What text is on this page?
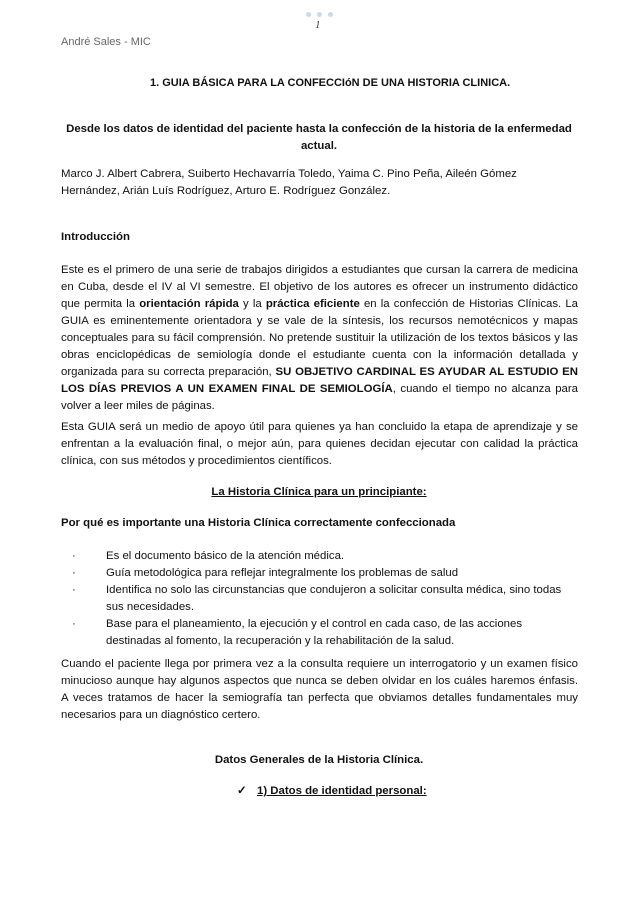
1
André Sales - MIC
1. GUIA BÁSICA PARA LA CONFECCIóN DE UNA HISTORIA CLINICA.
Desde los datos de identidad del paciente hasta la confección de la historia de la enfermedad actual.
Marco J. Albert Cabrera, Suiberto Hechavarría Toledo, Yaima C. Pino Peña, Aileén Gómez Hernández, Arián Luís Rodríguez, Arturo E. Rodríguez González.
Introducción
Este es el primero de una serie de trabajos dirigidos a estudiantes que cursan la carrera de medicina en Cuba, desde el IV al VI semestre. El objetivo de los autores es ofrecer un instrumento didáctico que permita la orientación rápida y la práctica eficiente en la confección de Historias Clínicas. La GUIA es eminentemente orientadora y se vale de la síntesis, los recursos nemotécnicos y mapas conceptuales para su fácil comprensión. No pretende sustituir la utilización de los textos básicos y las obras enciclopédicas de semiología donde el estudiante cuenta con la información detallada y organizada para su correcta preparación, SU OBJETIVO CARDINAL ES AYUDAR AL ESTUDIO EN LOS DÍAS PREVIOS A UN EXAMEN FINAL DE SEMIOLOGÍA, cuando el tiempo no alcanza para volver a leer miles de páginas.
Esta GUIA será un medio de apoyo útil para quienes ya han concluido la etapa de aprendizaje y se enfrentan a la evaluación final, o mejor aún, para quienes decidan ejecutar con calidad la práctica clínica, con sus métodos y procedimientos científicos.
La Historia Clínica para un principiante:
Por qué es importante una Historia Clínica correctamente confeccionada
·	Es el documento básico de la atención médica.
·	Guía metodológica para reflejar integralmente los problemas de salud
·	Identifica no solo las circunstancias que condujeron a solicitar consulta médica, sino todas sus necesidades.
·	Base para el planeamiento, la ejecución y el control en cada caso, de las acciones destinadas al fomento, la recuperación y la rehabilitación de la salud.
Cuando el paciente llega por primera vez a la consulta requiere un interrogatorio y un examen físico minucioso aunque hay algunos aspectos que nunca se deben olvidar en los cuáles haremos énfasis. A veces tratamos de hacer la semiografía tan perfecta que obviamos detalles fundamentales muy necesarios para un diagnóstico certero.
Datos Generales de la Historia Clínica.
✓ 1) Datos de identidad personal:
